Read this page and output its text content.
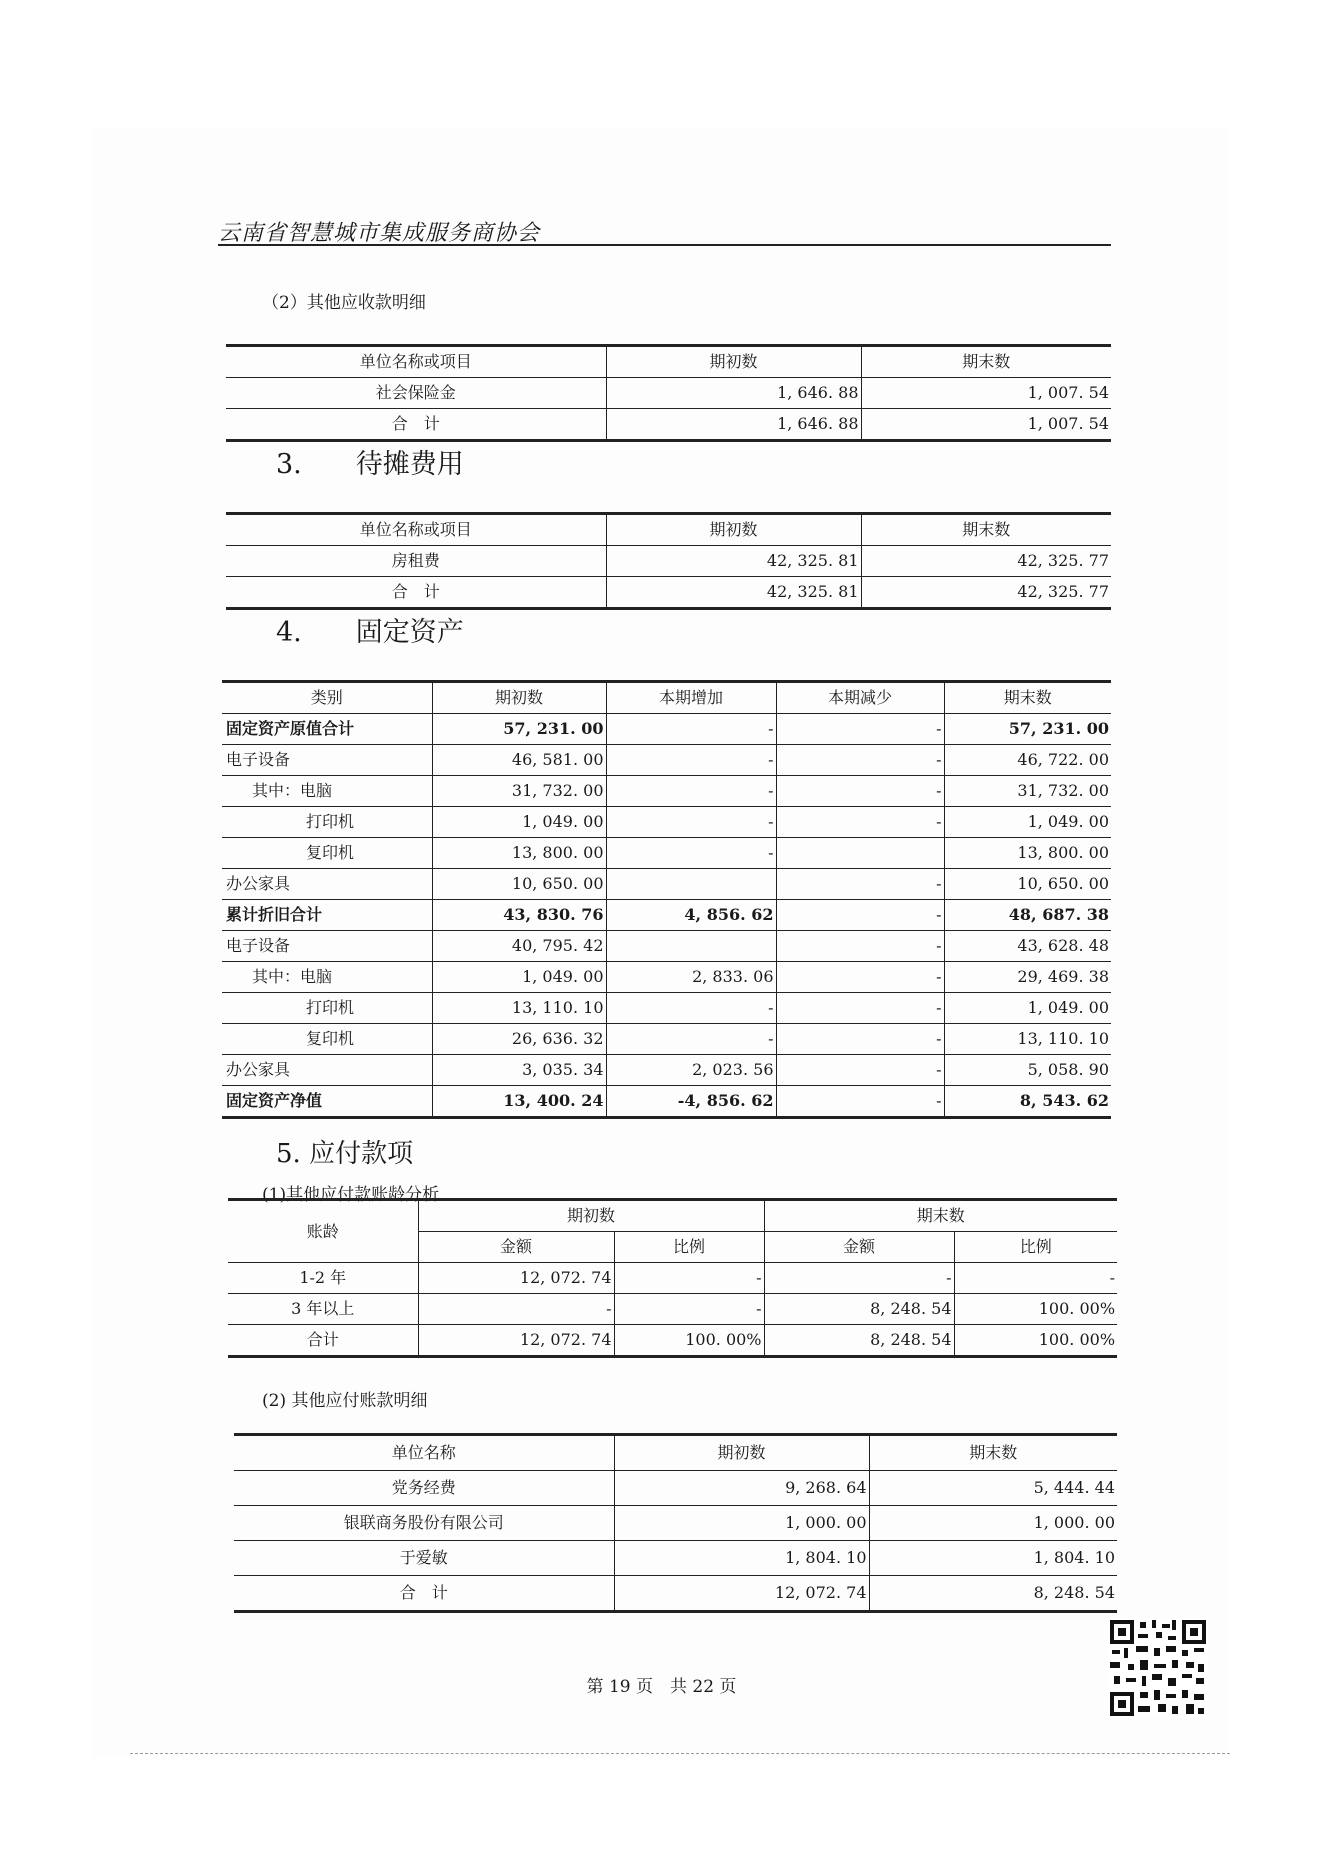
云南省智慧城市集成服务商协会
（2）其他应收款明细
单位名称或项目	期初数	期末数
社会保险金	1, 646. 88	1, 007. 54
合　计	1, 646. 88	1, 007. 54
3.　　待摊费用
单位名称或项目	期初数	期末数
房租费	42, 325. 81	42, 325. 77
合　计	42, 325. 81	42, 325. 77
4.　　固定资产
类别	期初数	本期增加	本期减少	期末数
固定资产原值合计	57, 231. 00	-	-	57, 231. 00
电子设备	46, 581. 00	-	-	46, 722. 00
其中：电脑	31, 732. 00	-	-	31, 732. 00
打印机	1, 049. 00	-	-	1, 049. 00
复印机	13, 800. 00	-		13, 800. 00
办公家具	10, 650. 00		-	10, 650. 00
累计折旧合计	43, 830. 76	4, 856. 62	-	48, 687. 38
电子设备	40, 795. 42		-	43, 628. 48
其中：电脑	1, 049. 00	2, 833. 06	-	29, 469. 38
打印机	13, 110. 10	-	-	1, 049. 00
复印机	26, 636. 32	-	-	13, 110. 10
办公家具	3, 035. 34	2, 023. 56	-	5, 058. 90
固定资产净值	13, 400. 24	-4, 856. 62	-	8, 543. 62
5. 应付款项
(1)其他应付款账龄分析
账龄	期初数		期末数	
	金额	比例	金额	比例
1-2 年	12, 072. 74	-	-	-
3 年以上	-	-	8, 248. 54	100. 00%
合计	12, 072. 74	100. 00%	8, 248. 54	100. 00%
(2) 其他应付账款明细
单位名称	期初数	期末数
党务经费	9, 268. 64	5, 444. 44
银联商务股份有限公司	1, 000. 00	1, 000. 00
于爱敏	1, 804. 10	1, 804. 10
合　计	12, 072. 74	8, 248. 54
第 19 页　共 22 页
